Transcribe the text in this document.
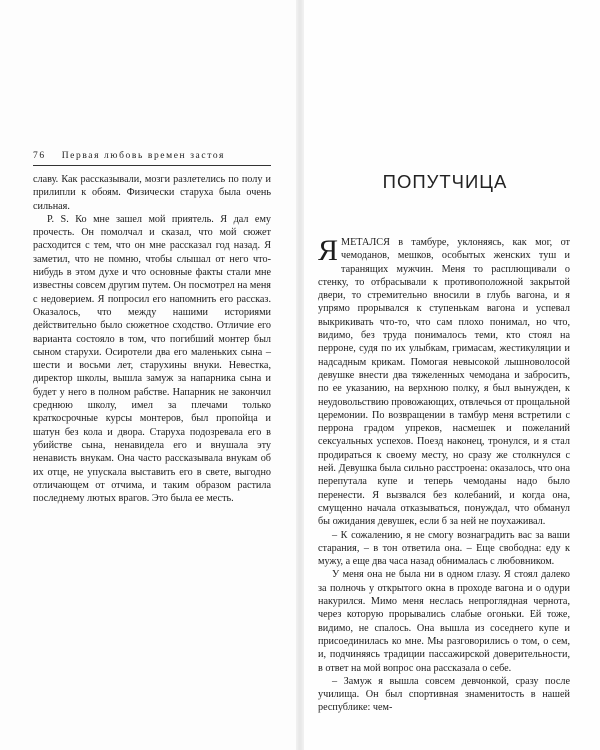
76 Первая любовь времен застоя

славу. Как рассказывали, мозги разлетелись по полу и прилипли к обоям. Физически старуха была очень сильная.

P. S. Ко мне зашел мой приятель. Я дал ему прочесть. Он помолчал и сказал, что мой сюжет расходится с тем, что он мне рассказал год назад. Я заметил, что не помню, чтобы слышал от него что-нибудь в этом духе и что основные факты стали мне известны совсем другим путем. Он посмотрел на меня с недоверием. Я попросил его напомнить его рассказ. Оказалось, что между нашими историями действительно было сюжетное сходство. Отличие его варианта состояло в том, что погибший монтер был сыном старухи. Осиротели два его маленьких сына – шести и восьми лет, старухины внуки. Невестка, директор школы, вышла замуж за напарника сына и будет у него в полном рабстве. Напарник не закончил среднюю школу, имел за плечами только краткосрочные курсы монтеров, был пропойца и шатун без кола и двора. Старуха подозревала его в убийстве сына, ненавидела его и внушала эту ненависть внукам. Она часто рассказывала внукам об их отце, не упускала выставить его в свете, выгодно отличающем от отчима, и таким образом растила последнему лютых врагов. Это была ее месть.

ПОПУТЧИЦА

ЯМЕТАЛСЯ в тамбуре, уклоняясь, как мог, от чемоданов, мешков, особытых женских туш и таранящих мужчин. Меня то расплющивали о стенку, то отбрасывали к противоположной закрытой двери, то стремительно вносили в глубь вагона, и я упрямо прорывался к ступенькам вагона и успевал выкрикивать что-то, что сам плохо понимал, но что, видимо, без труда понималось теми, кто стоял на перроне, судя по их улыбкам, гримасам, жестикуляции и надсадным крикам. Помогая невысокой лышноволосой девушке внести два тяжеленных чемодана и забросить, по ее указанию, на верхнюю полку, я был вынужден, к неудовольствию провожающих, отвлечься от прощальной церемонии. По возвращении в тамбур меня встретили с перрона градом упреков, насмешек и пожеланий сексуальных успехов. Поезд наконец, тронулся, и я стал продираться к своему месту, но сразу же столкнулся с ней. Девушка была сильно расстроена: оказалось, что она перепутала купе и теперь чемоданы надо было перенести. Я вызвался без колебаний, и когда она, смущенно начала отказываться, понуждал, что обманул бы ожидания девушек, если б за ней не поухаживал.

– К сожалению, я не смогу вознаградить вас за ваши старания, – в тон ответила она. – Еще свободна: еду к мужу, а еще два часа назад обнималась с любовником.

У меня она не была ни в одном глазу. Я стоял далеко за полночь у открытого окна в проходе вагона и о одури накурился. Мимо меня неслась непроглядная чернота, через которую прорывались слабые огоньки. Ей тоже, видимо, не спалось. Она вышла из соседнего купе и присоединилась ко мне. Мы разговорились о том, о сем, и, подчиняясь традиции пассажирской доверительности, в ответ на мой вопрос она рассказала о себе.

– Замуж я вышла совсем девчонкой, сразу после училища. Он был спортивная знаменитость в нашей республике: чем-
